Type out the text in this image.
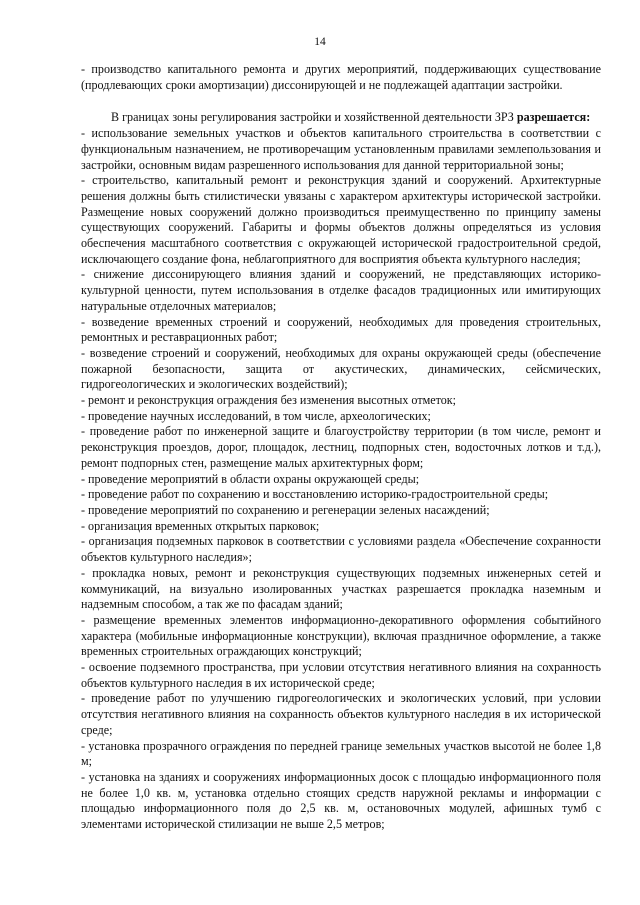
14

- производство капитального ремонта и других мероприятий, поддерживающих существование (продлевающих сроки амортизации) диссонирующей и не подлежащей адаптации застройки.

В границах зоны регулирования застройки и хозяйственной деятельности ЗРЗ разрешается:

- использование земельных участков и объектов капитального строительства в соответствии с функциональным назначением, не противоречащим установленным правилами землепользования и застройки, основным видам разрешенного использования для данной территориальной зоны;

- строительство, капитальный ремонт и реконструкция зданий и сооружений. Архитектурные решения должны быть стилистически увязаны с характером архитектуры исторической застройки. Размещение новых сооружений должно производиться преимущественно по принципу замены существующих сооружений. Габариты и формы объектов должны определяться из условия обеспечения масштабного соответствия с окружающей исторической градостроительной средой, исключающего создание фона, неблагоприятного для восприятия объекта культурного наследия;

- снижение диссонирующего влияния зданий и сооружений, не представляющих историко-культурной ценности, путем использования в отделке фасадов традиционных или имитирующих натуральные отделочных материалов;

- возведение временных строений и сооружений, необходимых для проведения строительных, ремонтных и реставрационных работ;

- возведение строений и сооружений, необходимых для охраны окружающей среды (обеспечение пожарной безопасности, защита от акустических, динамических, сейсмических, гидрогеологических и экологических воздействий);

- ремонт и реконструкция ограждения без изменения высотных отметок;

- проведение научных исследований, в том числе, археологических;

- проведение работ по инженерной защите и благоустройству территории (в том числе, ремонт и реконструкция проездов, дорог, площадок, лестниц, подпорных стен, водосточных лотков и т.д.), ремонт подпорных стен, размещение малых архитектурных форм;

- проведение мероприятий в области охраны окружающей среды;

- проведение работ по сохранению и восстановлению историко-градостроительной среды;

- проведение мероприятий по сохранению и регенерации зеленых насаждений;

- организация временных открытых парковок;

- организация подземных парковок в соответствии с условиями раздела «Обеспечение сохранности объектов культурного наследия»;

- прокладка новых, ремонт и реконструкция существующих подземных инженерных сетей и коммуникаций, на визуально изолированных участках разрешается прокладка наземным и надземным способом, а так же по фасадам зданий;

- размещение временных элементов информационно-декоративного оформления событийного характера (мобильные информационные конструкции), включая праздничное оформление, а также временных строительных ограждающих конструкций;

- освоение подземного пространства, при условии отсутствия негативного влияния на сохранность объектов культурного наследия в их исторической среде;

- проведение работ по улучшению гидрогеологических и экологических условий, при условии отсутствия негативного влияния на сохранность объектов культурного наследия в их исторической среде;

- установка прозрачного ограждения по передней границе земельных участков высотой не более 1,8 м;

- установка на зданиях и сооружениях информационных досок с площадью информационного поля не более 1,0 кв. м, установка отдельно стоящих средств наружной рекламы и информации с площадью информационного поля до 2,5 кв. м, остановочных модулей, афишных тумб с элементами исторической стилизации не выше 2,5 метров;
